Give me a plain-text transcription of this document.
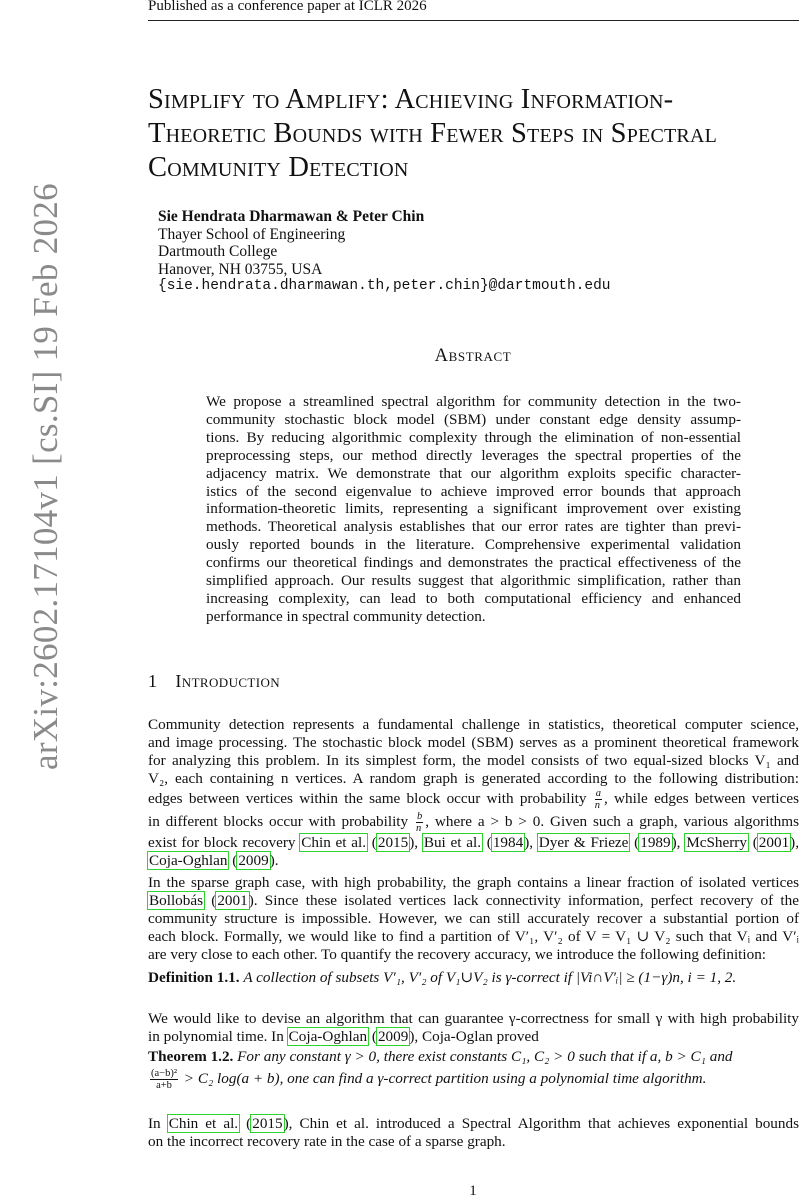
Published as a conference paper at ICLR 2026
arXiv:2602.17104v1 [cs.SI] 19 Feb 2026
Simplify to Amplify: Achieving Information-
Theoretic Bounds with Fewer Steps in Spectral
Community Detection
Sie Hendrata Dharmawan & Peter Chin
Thayer School of Engineering
Dartmouth College
Hanover, NH 03755, USA
{sie.hendrata.dharmawan.th,peter.chin}@dartmouth.edu
Abstract
We propose a streamlined spectral algorithm for community detection in the two-
community stochastic block model (SBM) under constant edge density assump-
tions. By reducing algorithmic complexity through the elimination of non-essential
preprocessing steps, our method directly leverages the spectral properties of the
adjacency matrix. We demonstrate that our algorithm exploits specific character-
istics of the second eigenvalue to achieve improved error bounds that approach
information-theoretic limits, representing a significant improvement over existing
methods. Theoretical analysis establishes that our error rates are tighter than previ-
ously reported bounds in the literature. Comprehensive experimental validation
confirms our theoretical findings and demonstrates the practical effectiveness of the
simplified approach. Our results suggest that algorithmic simplification, rather than
increasing complexity, can lead to both computational efficiency and enhanced
performance in spectral community detection.
1 Introduction
Community detection represents a fundamental challenge in statistics, theoretical computer science,
and image processing. The stochastic block model (SBM) serves as a prominent theoretical framework
for analyzing this problem. In its simplest form, the model consists of two equal-sized blocks V₁ and
V₂, each containing n vertices. A random graph is generated according to the following distribution:
edges between vertices within the same block occur with probability $\frac{a}{n}$ , while edges between vertices
in different blocks occur with probability $\frac{b}{n}$ , where a > b > 0. Given such a graph, various algorithms
exist for block recovery Chin et al. (2015), Bui et al. (1984), Dyer & Frieze (1989), McSherry (2001),
Coja-Oghlan (2009).
In the sparse graph case, with high probability, the graph contains a linear fraction of isolated vertices
Bollobás (2001). Since these isolated vertices lack connectivity information, perfect recovery of the
community structure is impossible. However, we can still accurately recover a substantial portion of
each block. Formally, we would like to find a partition of V′₁, V′₂ of V = V₁ ∪ V₂ such that Vᵢ and V′ᵢ
are very close to each other. To quantify the recovery accuracy, we introduce the following definition:
Definition 1.1. A collection of subsets V′₁, V′₂ of V₁∪V₂ is γ-correct if |Vi∩V′ᵢ| ≥ (1−γ)n, i = 1, 2.
We would like to devise an algorithm that can guarantee γ-correctness for small γ with high probability
in polynomial time. In Coja-Oghlan (2009), Coja-Oglan proved
Theorem 1.2. For any constant γ > 0, there exist constants C₁, C₂ > 0 such that if a, b > C₁ and
$\frac{\text{(a−b)²}}{a+b} > C_2$ log(a + b), one can find a γ-correct partition using a polynomial time algorithm.
In Chin et al. (2015), Chin et al. introduced a Spectral Algorithm that achieves exponential bounds
on the incorrect recovery rate in the case of a sparse graph.
1
